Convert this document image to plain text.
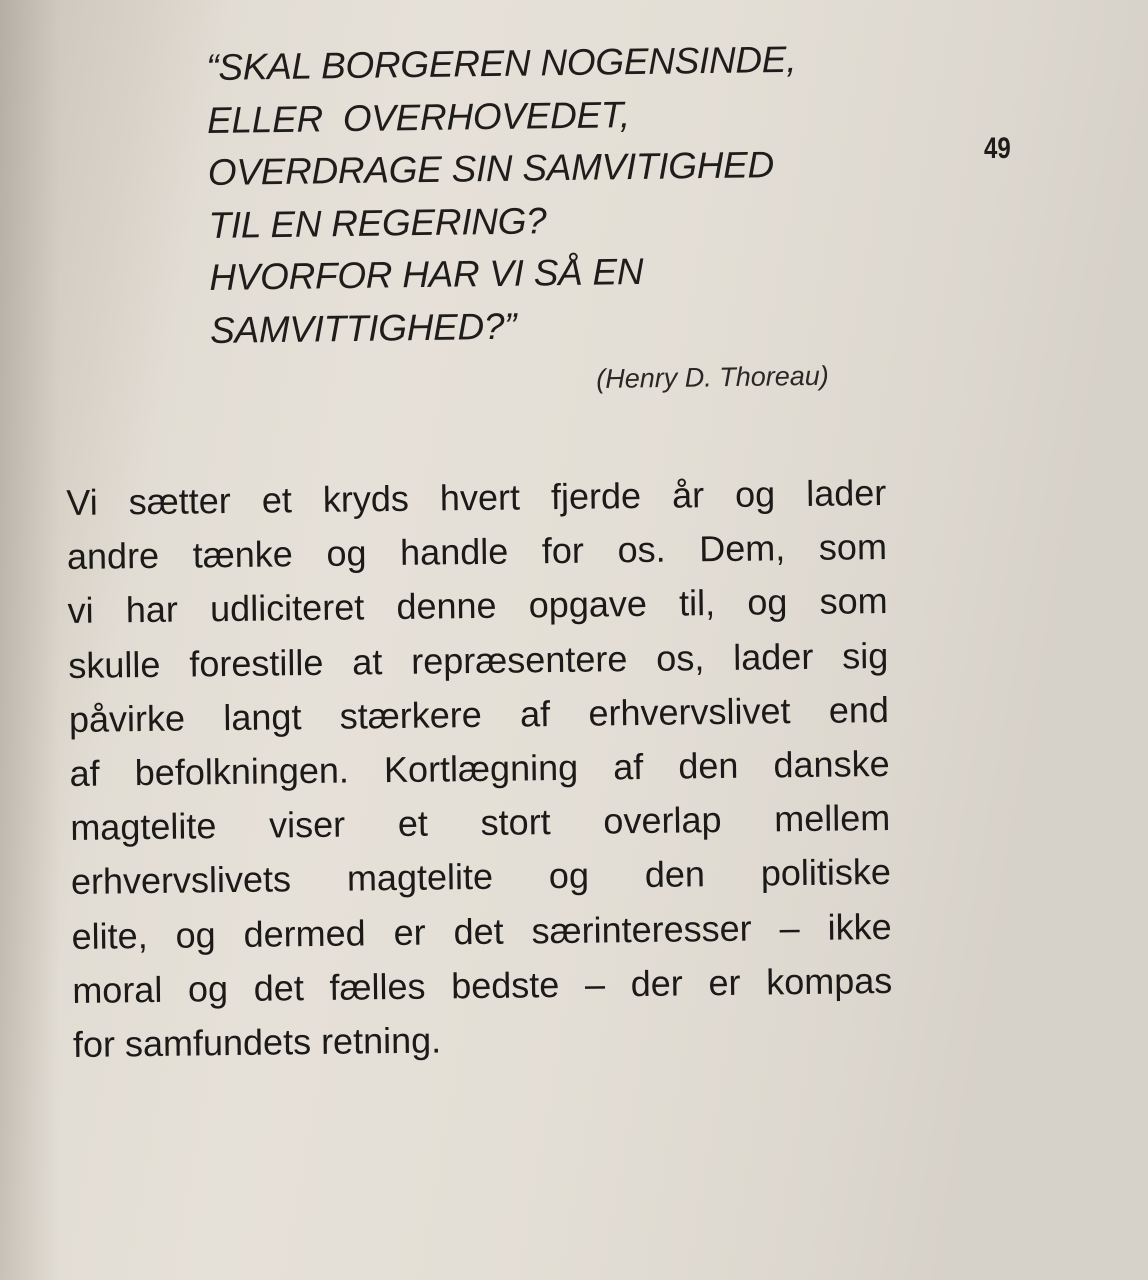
49
“SKAL BORGEREN NOGENSINDE,
ELLER  OVERHOVEDET,
OVERDRAGE SIN SAMVITIGHED
TIL EN REGERING?
HVORFOR HAR VI SÅ EN
SAMVITTIGHED?”
(Henry D. Thoreau)
Vi sætter et kryds hvert fjerde år og lader
andre tænke og handle for os. Dem, som
vi har udliciteret denne opgave til, og som
skulle forestille at repræsentere os, lader sig
påvirke langt stærkere af erhvervslivet end
af befolkningen. Kortlægning af den danske
magtelite viser et stort overlap mellem
erhvervslivets magtelite og den politiske
elite, og dermed er det særinteresser – ikke
moral og det fælles bedste – der er kompas
for samfundets retning.
